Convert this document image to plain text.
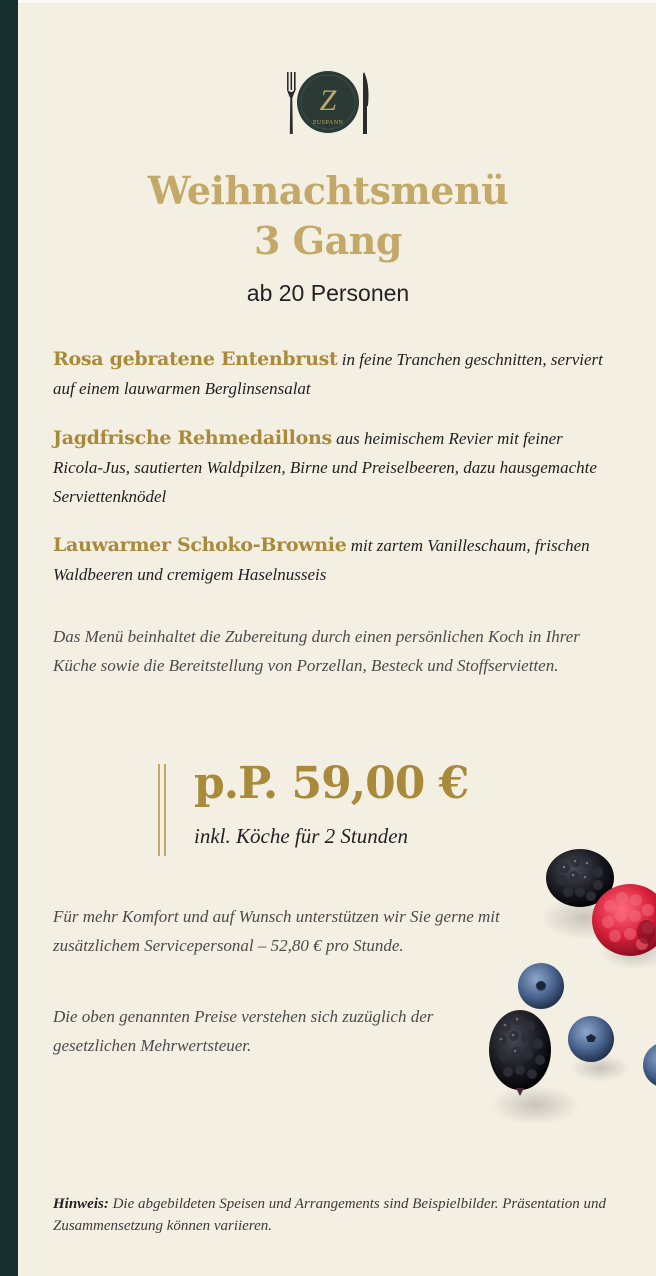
Z
ZUSPANN
Weihnachtsmenü
3 Gang
ab 20 Personen
Rosa gebratene Entenbrust in feine Tranchen geschnitten, serviert auf einem lauwarmen Berglinsensalat
Jagdfrische Rehmedaillons aus heimischem Revier mit feiner Ricola-Jus, sautierten Waldpilzen, Birne und Preiselbeeren, dazu hausgemachte Serviettenknödel
Lauwarmer Schoko-Brownie mit zartem Vanilleschaum, frischen Waldbeeren und cremigem Haselnusseis
Das Menü beinhaltet die Zubereitung durch einen persönlichen Koch in Ihrer Küche sowie die Bereitstellung von Porzellan, Besteck und Stoffservietten.
p.P. 59,00 €
inkl. Köche für 2 Stunden
Für mehr Komfort und auf Wunsch unterstützen wir Sie gerne mit zusätzlichem Servicepersonal – 52,80 € pro Stunde.
Die oben genannten Preise verstehen sich zuzüglich der gesetzlichen Mehrwertsteuer.
Hinweis: Die abgebildeten Speisen und Arrangements sind Beispielbilder. Präsentation und Zusammensetzung können variieren.
